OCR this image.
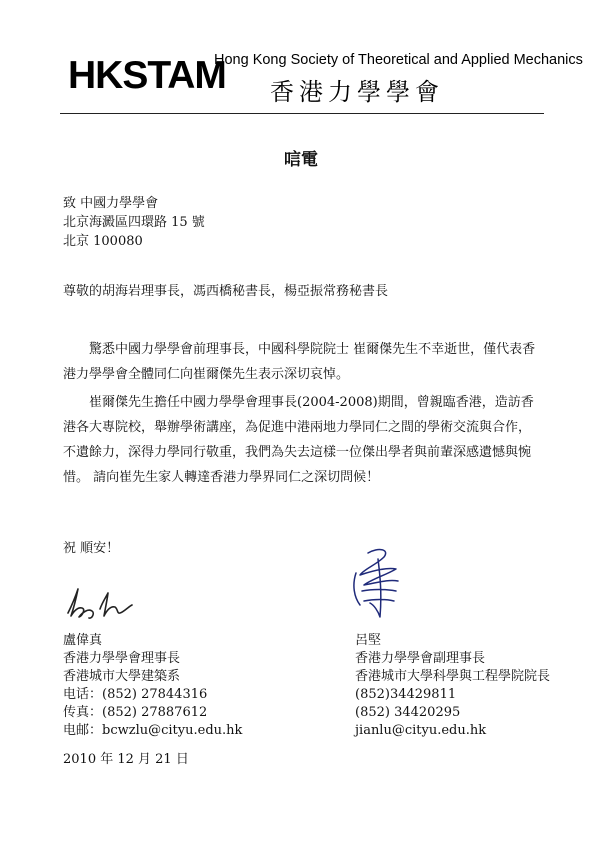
HKSTAM
Hong Kong Society of Theoretical and Applied Mechanics
香港力學學會
唁電
致 中國力學學會
北京海澱區四環路 15 號
北京 100080
尊敬的胡海岩理事長，馮西橋秘書長，楊亞振常務秘書長
驚悉中國力學學會前理事長，中國科學院院士 崔爾傑先生不幸逝世，僅代表香港力學學會全體同仁向崔爾傑先生表示深切哀悼。
崔爾傑先生擔任中國力學學會理事長(2004-2008)期間，曾親臨香港，造訪香港各大專院校，舉辦學術講座，為促進中港兩地力學同仁之間的學術交流與合作，不遺餘力，深得力學同行敬重，我們為失去這樣一位傑出學者與前輩深感遺憾與惋惜。 請向崔先生家人轉達香港力學界同仁之深切問候！
祝 順安！
盧偉真
香港力學學會理事長
香港城市大學建築系
电话：(852) 27844316
传真：(852) 27887612
电邮：bcwzlu@cityu.edu.hk
呂堅
香港力學學會副理事長
香港城市大學科學與工程學院院長
(852)34429811
(852) 34420295
jianlu@cityu.edu.hk
2010 年 12 月 21 日
